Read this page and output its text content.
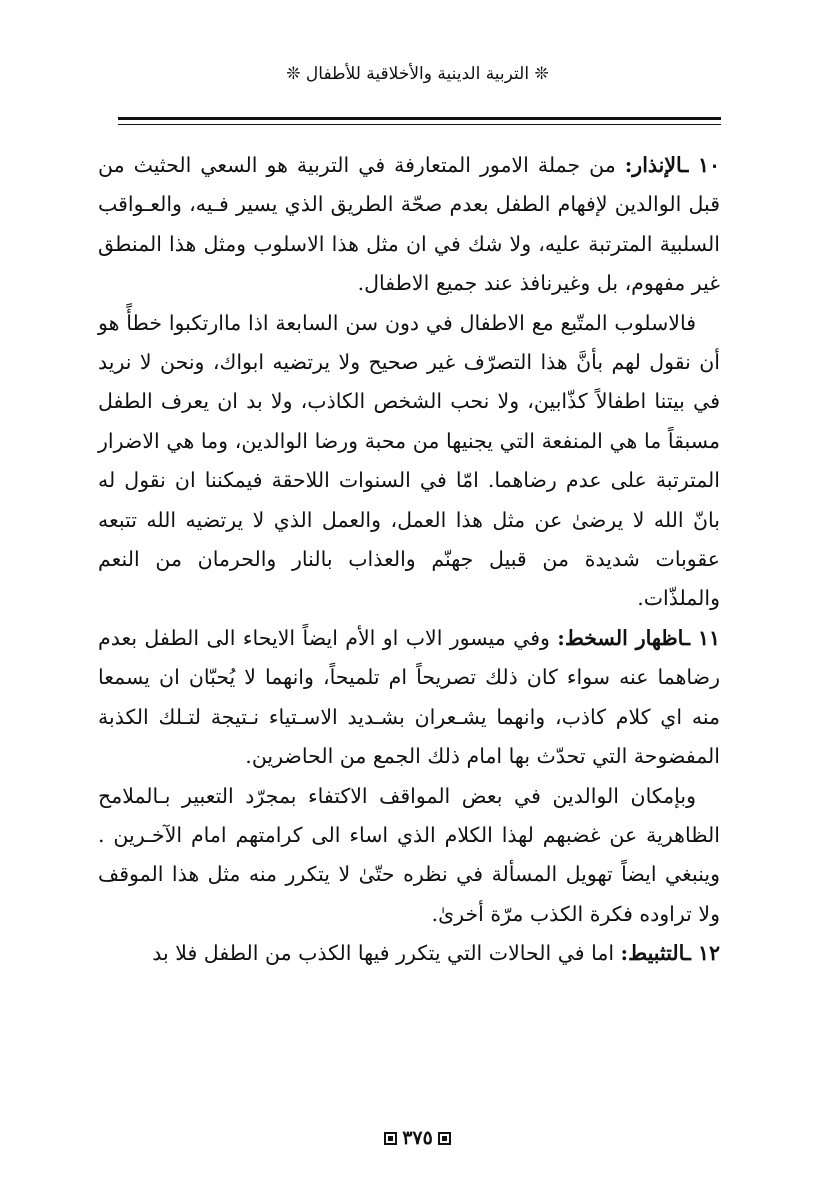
❊ التربية الدينية والأخلاقية للأطفال ❊

١٠ ـالإنذار: من جملة الامور المتعارفة في التربية هو السعي الحثيث من قبل الوالدين لإفهام الطفل بعدم صحّة الطريق الذي يسير فـيه، والعـواقب السلبية المترتبة عليه، ولا شك في ان مثل هذا الاسلوب ومثل هذا المنطق غير مفهوم، بل وغيرنافذ عند جميع الاطفال.

فالاسلوب المتّبع مع الاطفال في دون سن السابعة اذا ماارتكبوا خطأً هو أن نقول لهم بأنَّ هذا التصرّف غير صحيح ولا يرتضيه ابواك، ونحن لا نريد في بيتنا اطفالاً كذّابين، ولا نحب الشخص الكاذب، ولا بد ان يعرف الطفل مسبقاً ما هي المنفعة التي يجنيها من محبة ورضا الوالدين، وما هي الاضرار المترتبة على عدم رضاهما. امّا في السنوات اللاحقة فيمكننا ان نقول له بانّ الله لا يرضىٰ عن مثل هذا العمل، والعمل الذي لا يرتضيه الله تتبعه عقوبات شديدة من قبيل جهنّم والعذاب بالنار والحرمان من النعم والملذّات.

١١ ـاظهار السخط: وفي ميسور الاب او الأم ايضاً الايحاء الى الطفل بعدم رضاهما عنه سواء كان ذلك تصريحاً ام تلميحاً، وانهما لا يُحبّان ان يسمعا منه اي كلام كاذب، وانهما يشـعران بشـديد الاسـتياء نـتيجة لتـلك الكذبة المفضوحة التي تحدّث بها امام ذلك الجمع من الحاضرين.

وبإمكان الوالدين في بعض المواقف الاكتفاء بمجرّد التعبير بـالملامح الظاهرية عن غضبهم لهذا الكلام الذي اساء الى كرامتهم امام الآخـرين . وينبغي ايضاً تهويل المسألة في نظره حتّىٰ لا يتكرر منه مثل هذا الموقف ولا تراوده فكرة الكذب مرّة أخرىٰ.

١٢ ـالتثبيط: اما في الحالات التي يتكرر فيها الكذب من الطفل فلا بد

٣٧٥
